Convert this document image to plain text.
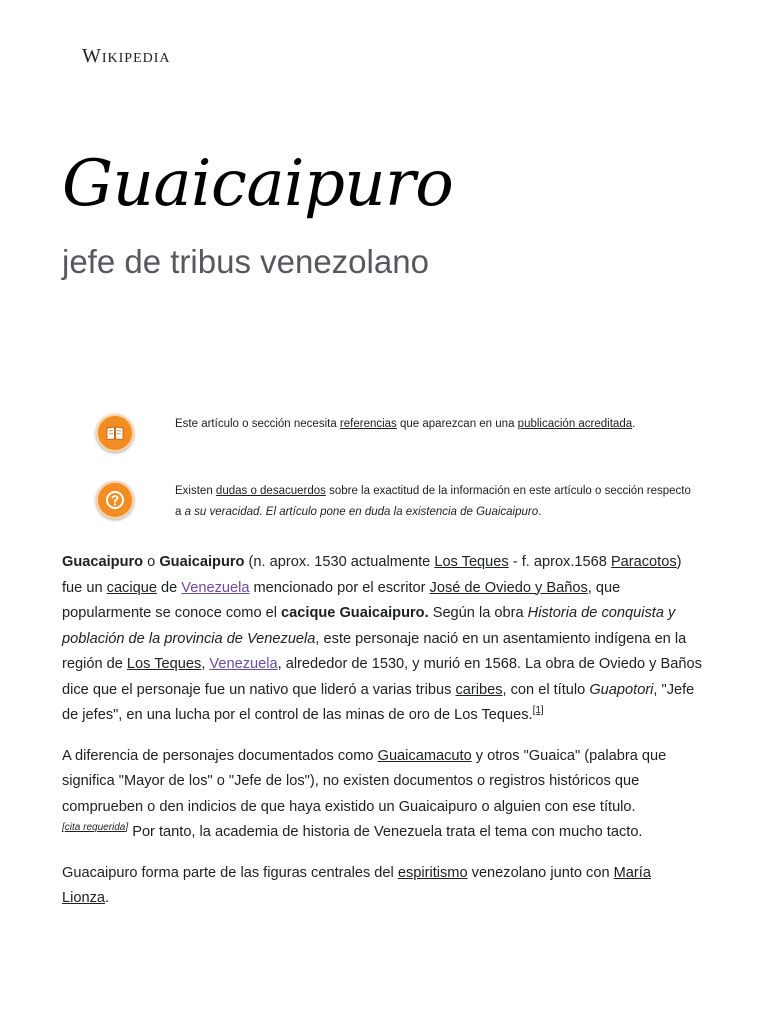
Wikipedia
Guaicaipuro
jefe de tribus venezolano
Este artículo o sección necesita referencias que aparezcan en una publicación acreditada.
Existen dudas o desacuerdos sobre la exactitud de la información en este artículo o sección respecto a a su veracidad. El artículo pone en duda la existencia de Guaicaipuro.

Guacaipuro o Guaicaipuro (n. aprox. 1530 actualmente Los Teques - f. aprox.1568 Paracotos) fue un cacique de Venezuela mencionado por el escritor José de Oviedo y Baños, que popularmente se conoce como el cacique Guaicaipuro. Según la obra Historia de conquista y población de la provincia de Venezuela, este personaje nació en un asentamiento indígena en la región de Los Teques, Venezuela, alrededor de 1530, y murió en 1568. La obra de Oviedo y Baños dice que el personaje fue un nativo que lideró a varias tribus caribes, con el título Guapotori, "Jefe de jefes", en una lucha por el control de las minas de oro de Los Teques.[1]

A diferencia de personajes documentados como Guaicamacuto y otros "Guaica" (palabra que significa "Mayor de los" o "Jefe de los"), no existen documentos o registros históricos que comprueben o den indicios de que haya existido un Guaicaipuro o alguien con ese título.
[cita requerida] Por tanto, la academia de historia de Venezuela trata el tema con mucho tacto.

Guacaipuro forma parte de las figuras centrales del espiritismo venezolano junto con María Lionza.
